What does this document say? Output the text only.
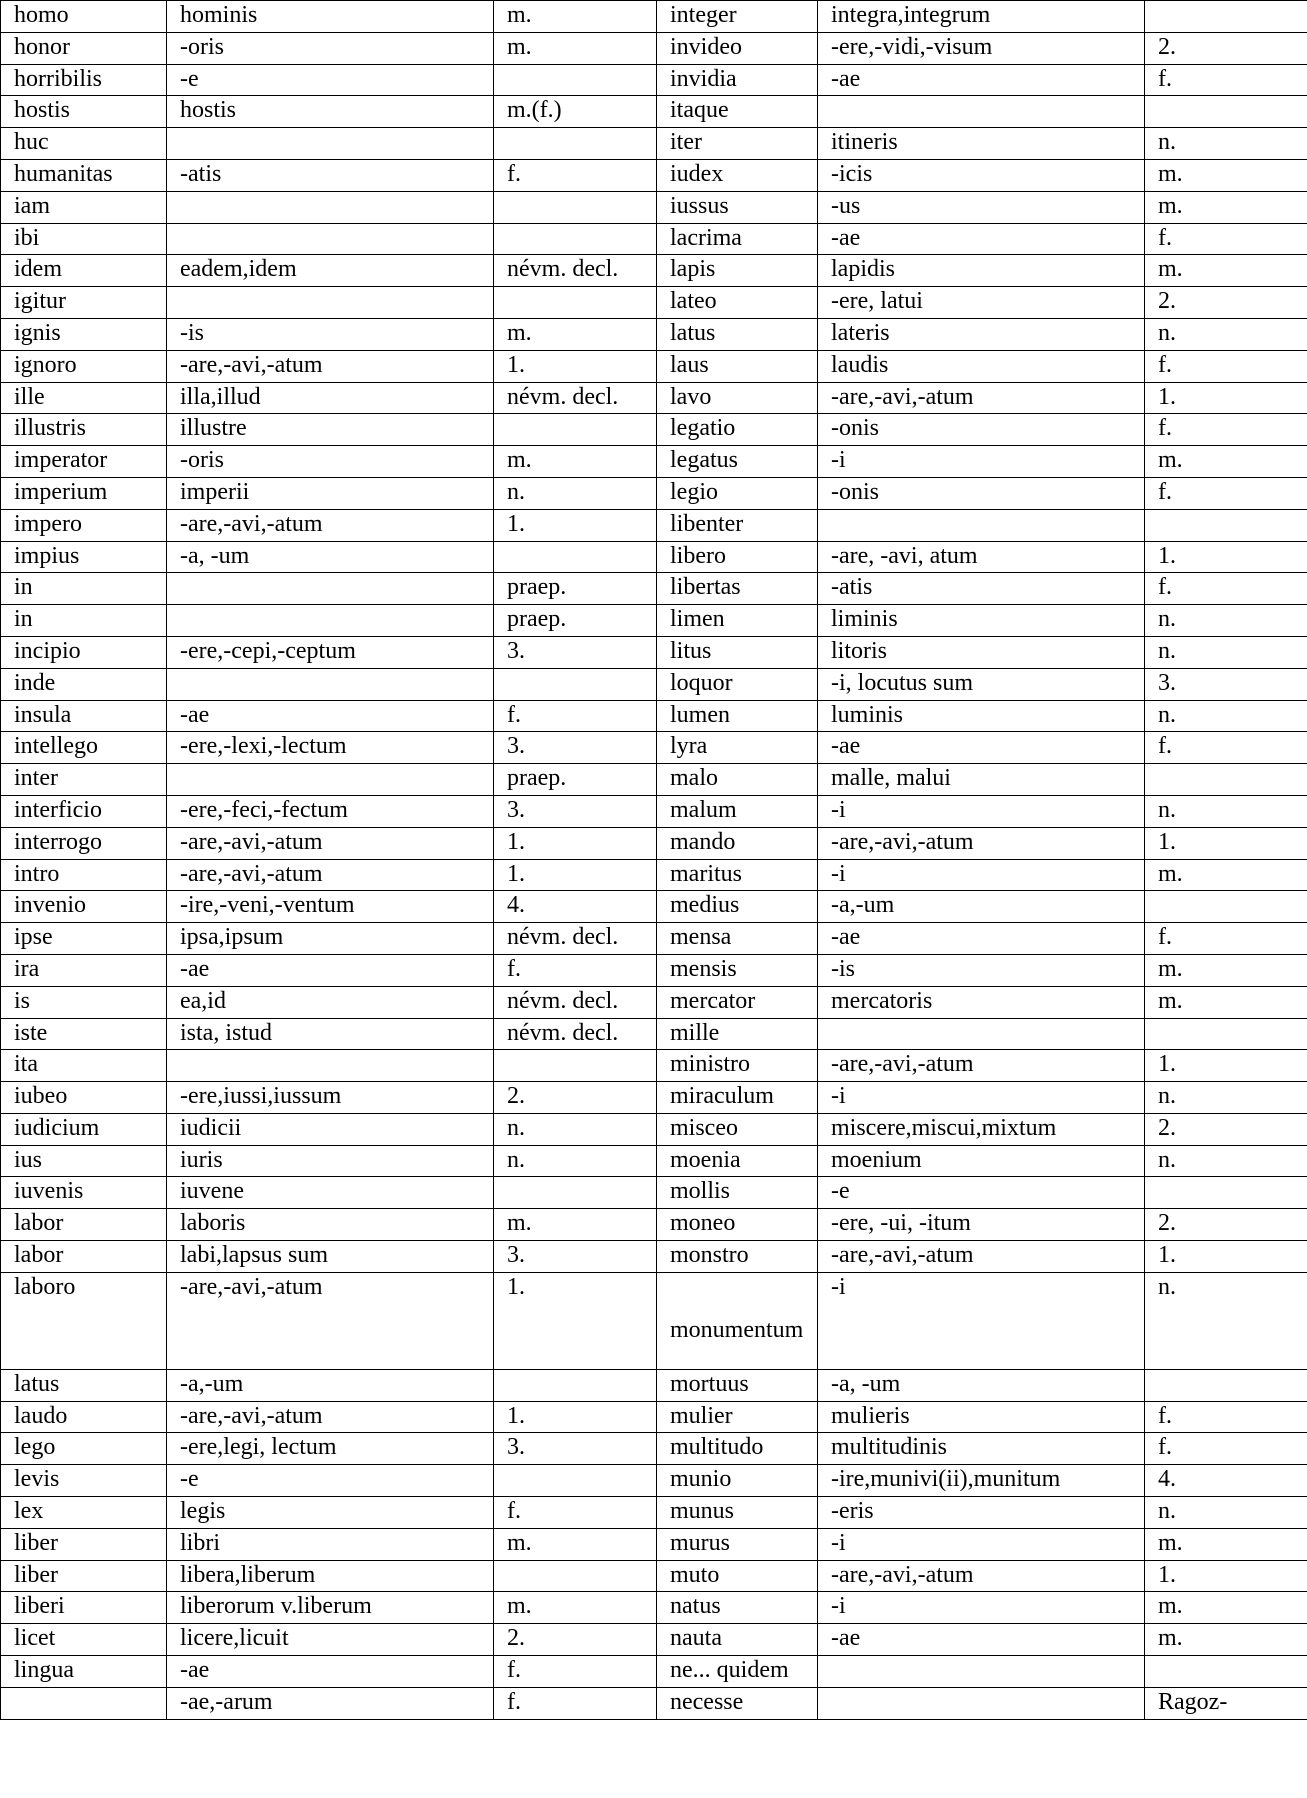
homo	hominis	m.	integer	integra,integrum	
honor	-oris	m.	invideo	-ere,-vidi,-visum	2.
horribilis	-e		invidia	-ae	f.
hostis	hostis	m.(f.)	itaque		
huc			iter	itineris	n.
humanitas	-atis	f.	iudex	-icis	m.
iam			iussus	-us	m.
ibi			lacrima	-ae	f.
idem	eadem,idem	névm. decl.	lapis	lapidis	m.
igitur			lateo	-ere, latui	2.
ignis	-is	m.	latus	lateris	n.
ignoro	-are,-avi,-atum	1.	laus	laudis	f.
ille	illa,illud	névm. decl.	lavo	-are,-avi,-atum	1.
illustris	illustre		legatio	-onis	f.
imperator	-oris	m.	legatus	-i	m.
imperium	imperii	n.	legio	-onis	f.
impero	-are,-avi,-atum	1.	libenter		
impius	-a, -um		libero	-are, -avi, atum	1.
in		praep.	libertas	-atis	f.
in		praep.	limen	liminis	n.
incipio	-ere,-cepi,-ceptum	3.	litus	litoris	n.
inde			loquor	-i, locutus sum	3.
insula	-ae	f.	lumen	luminis	n.
intellego	-ere,-lexi,-lectum	3.	lyra	-ae	f.
inter		praep.	malo	malle, malui	
interficio	-ere,-feci,-fectum	3.	malum	-i	n.
interrogo	-are,-avi,-atum	1.	mando	-are,-avi,-atum	1.
intro	-are,-avi,-atum	1.	maritus	-i	m.
invenio	-ire,-veni,-ventum	4.	medius	-a,-um	
ipse	ipsa,ipsum	névm. decl.	mensa	-ae	f.
ira	-ae	f.	mensis	-is	m.
is	ea,id	névm. decl.	mercator	mercatoris	m.
iste	ista, istud	névm. decl.	mille		
ita			ministro	-are,-avi,-atum	1.
iubeo	-ere,iussi,iussum	2.	miraculum	-i	n.
iudicium	iudicii	n.	misceo	miscere,miscui,mixtum	2.
ius	iuris	n.	moenia	moenium	n.
iuvenis	iuvene		mollis	-e	
labor	laboris	m.	moneo	-ere, -ui, -itum	2.
labor	labi,lapsus sum	3.	monstro	-are,-avi,-atum	1.
laboro	-are,-avi,-atum	1.	monumentum	-i	n.
latus	-a,-um		mortuus	-a, -um	
laudo	-are,-avi,-atum	1.	mulier	mulieris	f.
lego	-ere,legi, lectum	3.	multitudo	multitudinis	f.
levis	-e		munio	-ire,munivi(ii),munitum	4.
lex	legis	f.	munus	-eris	n.
liber	libri	m.	murus	-i	m.
liber	libera,liberum		muto	-are,-avi,-atum	1.
liberi	liberorum v.liberum	m.	natus	-i	m.
licet	licere,licuit	2.	nauta	-ae	m.
lingua	-ae	f.	ne... quidem		
	-ae,-arum	f.	necesse		Ragoz-
